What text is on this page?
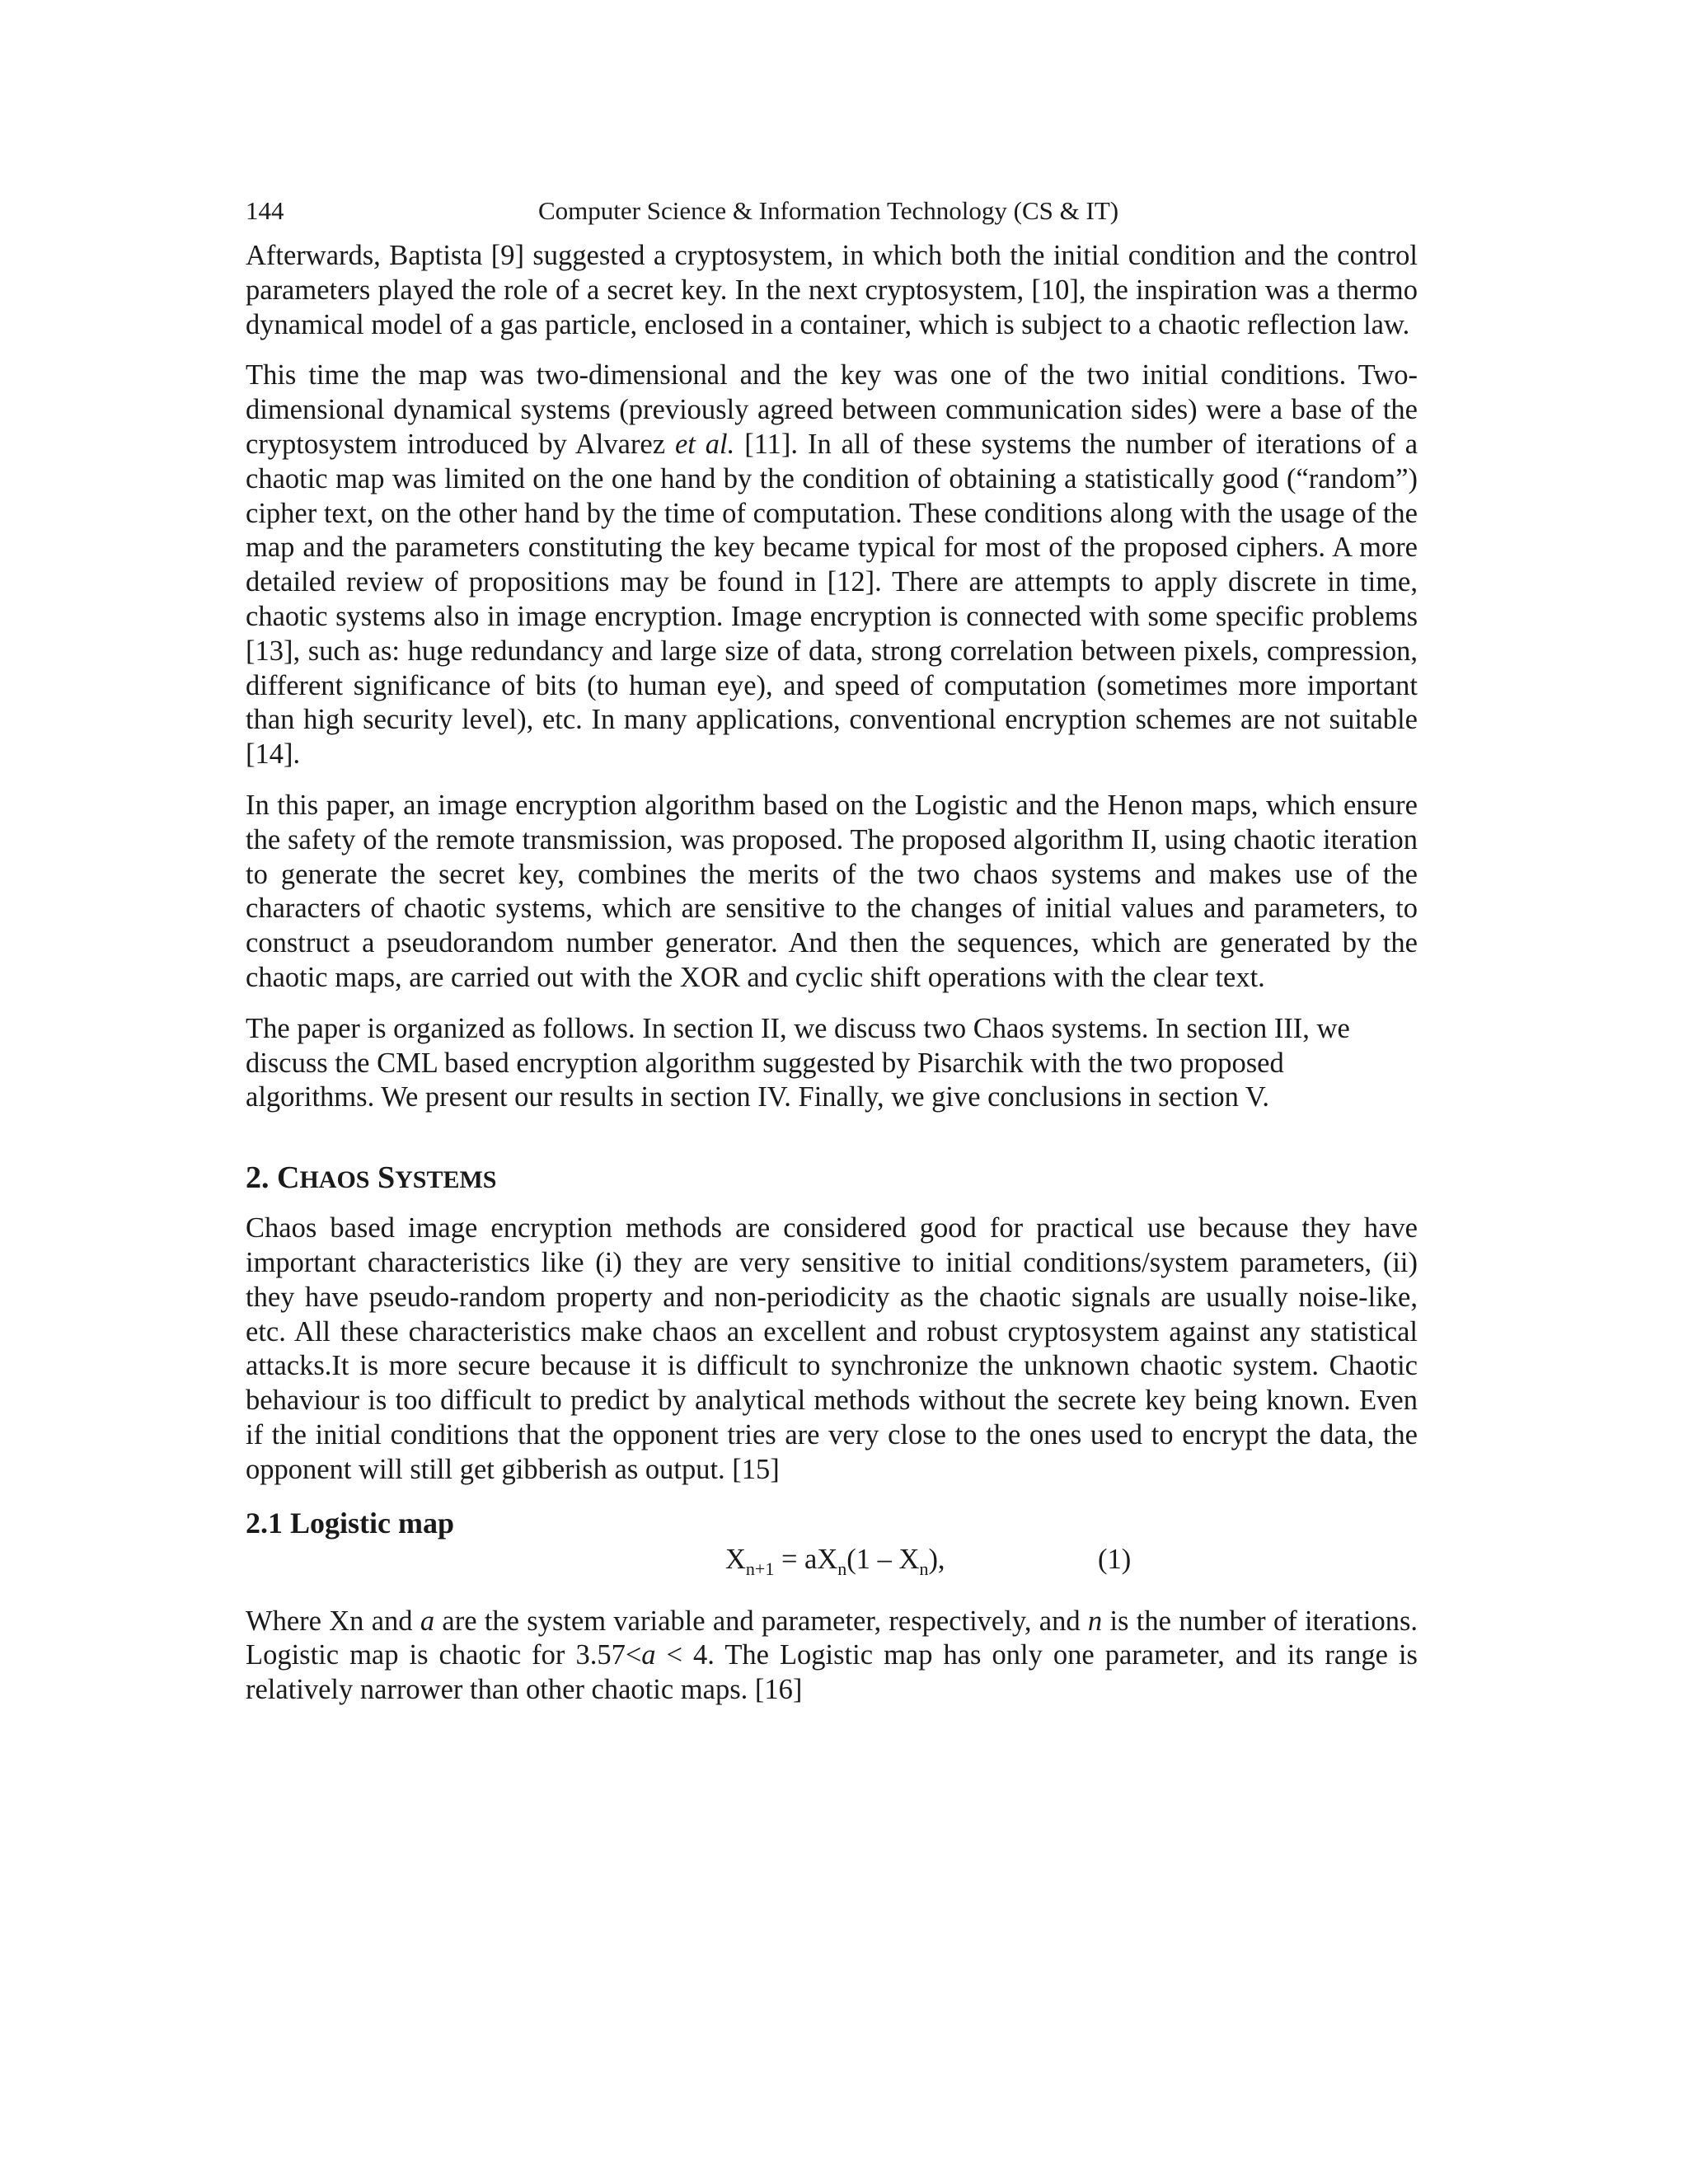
144	Computer Science & Information Technology (CS & IT)

Afterwards, Baptista [9] suggested a cryptosystem, in which both the initial condition and the control parameters played the role of a secret key. In the next cryptosystem, [10], the inspiration was a thermo dynamical model of a gas particle, enclosed in a container, which is subject to a chaotic reflection law.

This time the map was two-dimensional and the key was one of the two initial conditions. Two-dimensional dynamical systems (previously agreed between communication sides) were a base of the cryptosystem introduced by Alvarez et al. [11]. In all of these systems the number of iterations of a chaotic map was limited on the one hand by the condition of obtaining a statistically good (“random”) cipher text, on the other hand by the time of computation. These conditions along with the usage of the map and the parameters constituting the key became typical for most of the proposed ciphers. A more detailed review of propositions may be found in [12]. There are attempts to apply discrete in time, chaotic systems also in image encryption. Image encryption is connected with some specific problems [13], such as: huge redundancy and large size of data, strong correlation between pixels, compression, different significance of bits (to human eye), and speed of computation (sometimes more important than high security level), etc. In many applications, conventional encryption schemes are not suitable [14].

In this paper, an image encryption algorithm based on the Logistic and the Henon maps, which ensure the safety of the remote transmission, was proposed. The proposed algorithm II, using chaotic iteration to generate the secret key, combines the merits of the two chaos systems and makes use of the characters of chaotic systems, which are sensitive to the changes of initial values and parameters, to construct a pseudorandom number generator. And then the sequences, which are generated by the chaotic maps, are carried out with the XOR and cyclic shift operations with the clear text.

The paper is organized as follows. In section II, we discuss two Chaos systems. In section III, we
discuss the CML based encryption algorithm suggested by Pisarchik with the two proposed
algorithms. We present our results in section IV. Finally, we give conclusions in section V.

2. CHAOS SYSTEMS

Chaos based image encryption methods are considered good for practical use because they have important characteristics like (i) they are very sensitive to initial conditions/system parameters, (ii) they have pseudo-random property and non-periodicity as the chaotic signals are usually noise-like, etc. All these characteristics make chaos an excellent and robust cryptosystem against any statistical attacks.It is more secure because it is difficult to synchronize the unknown chaotic system. Chaotic behaviour is too difficult to predict by analytical methods without the secrete key being known. Even if the initial conditions that the opponent tries are very close to the ones used to encrypt the data, the opponent will still get gibberish as output. [15]

2.1 Logistic map
$X_{n+1} = aX_n(1 - X_n)$,	(1)

Where Xn and a are the system variable and parameter, respectively, and n is the number of iterations. Logistic map is chaotic for 3.57<a < 4. The Logistic map has only one parameter, and its range is relatively narrower than other chaotic maps. [16]
